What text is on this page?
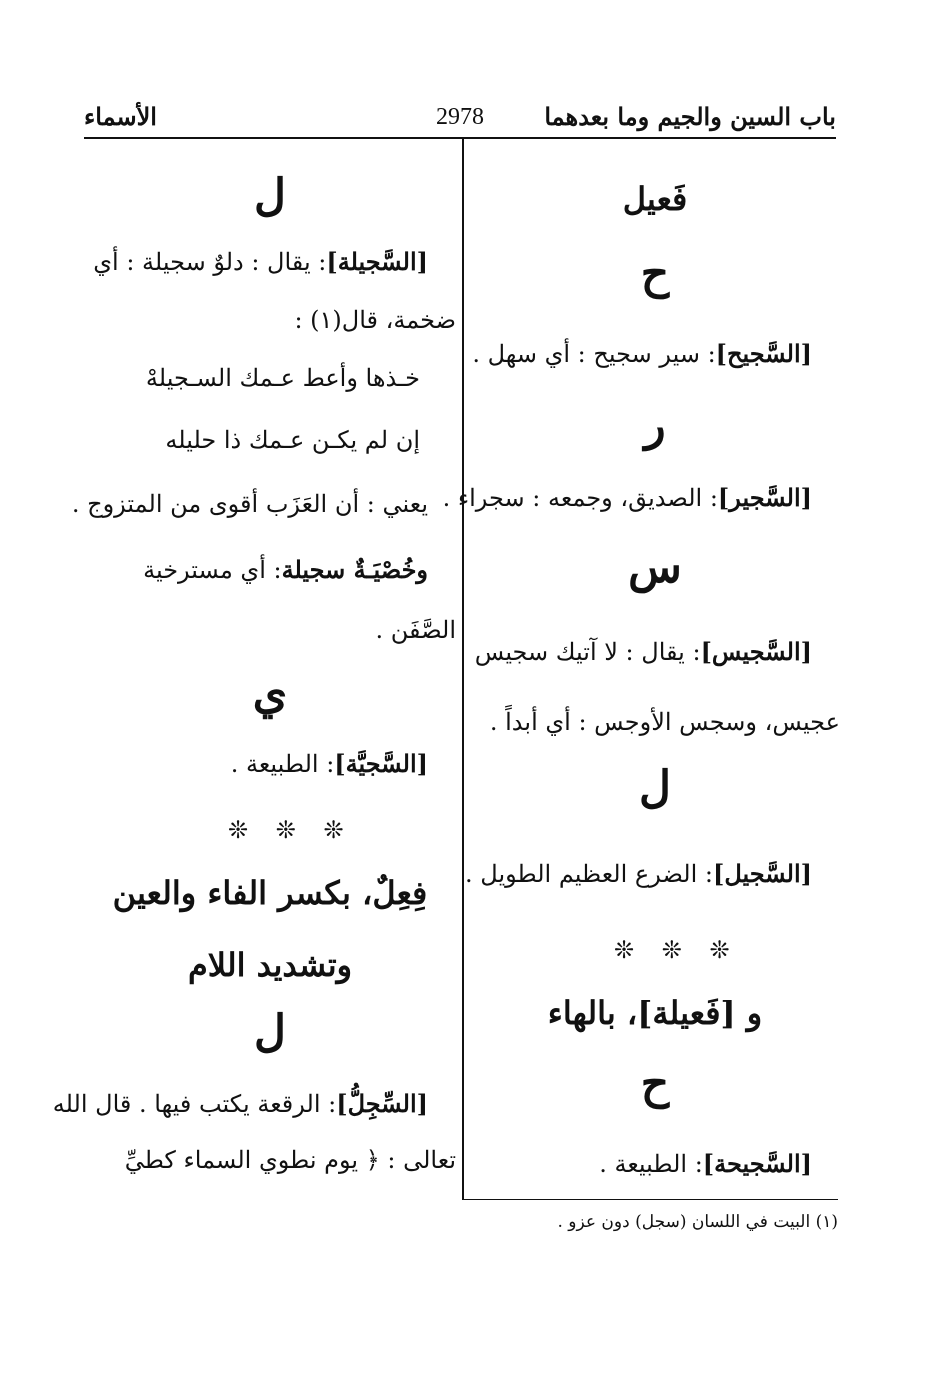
باب السين والجيم وما بعدهما
2978
الأسماء
فَعيل
ح
[السَّجيح]: سير سجيح : أي سهل .
ر
[السَّجير]: الصديق، وجمعه : سجراء .
س
[السَّجيس]: يقال : لا آتيك سجيس
عجيس، وسجس الأوجس : أي أبداً .
ل
[السَّجيل]: الضرع العظيم الطويل .
❊ ❊ ❊
و [فَعيلة]، بالهاء
ح
[السَّجيحة]: الطبيعة .
ل
[السَّجيلة]: يقال : دلوٌ سجيلة : أي
ضخمة، قال(١) :
خـذها وأعط عـمك السـجيلهْ
إن لم يكـن عـمك ذا حليله
يعني : أن العَزَب أقوى من المتزوج .
وخُصْيَـةٌ سجيلة: أي مسترخية
الصَّفَن .
ي
[السَّجيَّة]: الطبيعة .
❊ ❊ ❊
فِعِلٌ، بكسر الفاء والعين
وتشديد اللام
ل
[السِّجِلُّ]: الرقعة يكتب فيها . قال الله
تعالى : ﴿ يوم نطوي السماء كطيِّ
(١) البيت في اللسان (سجل) دون عزو .
